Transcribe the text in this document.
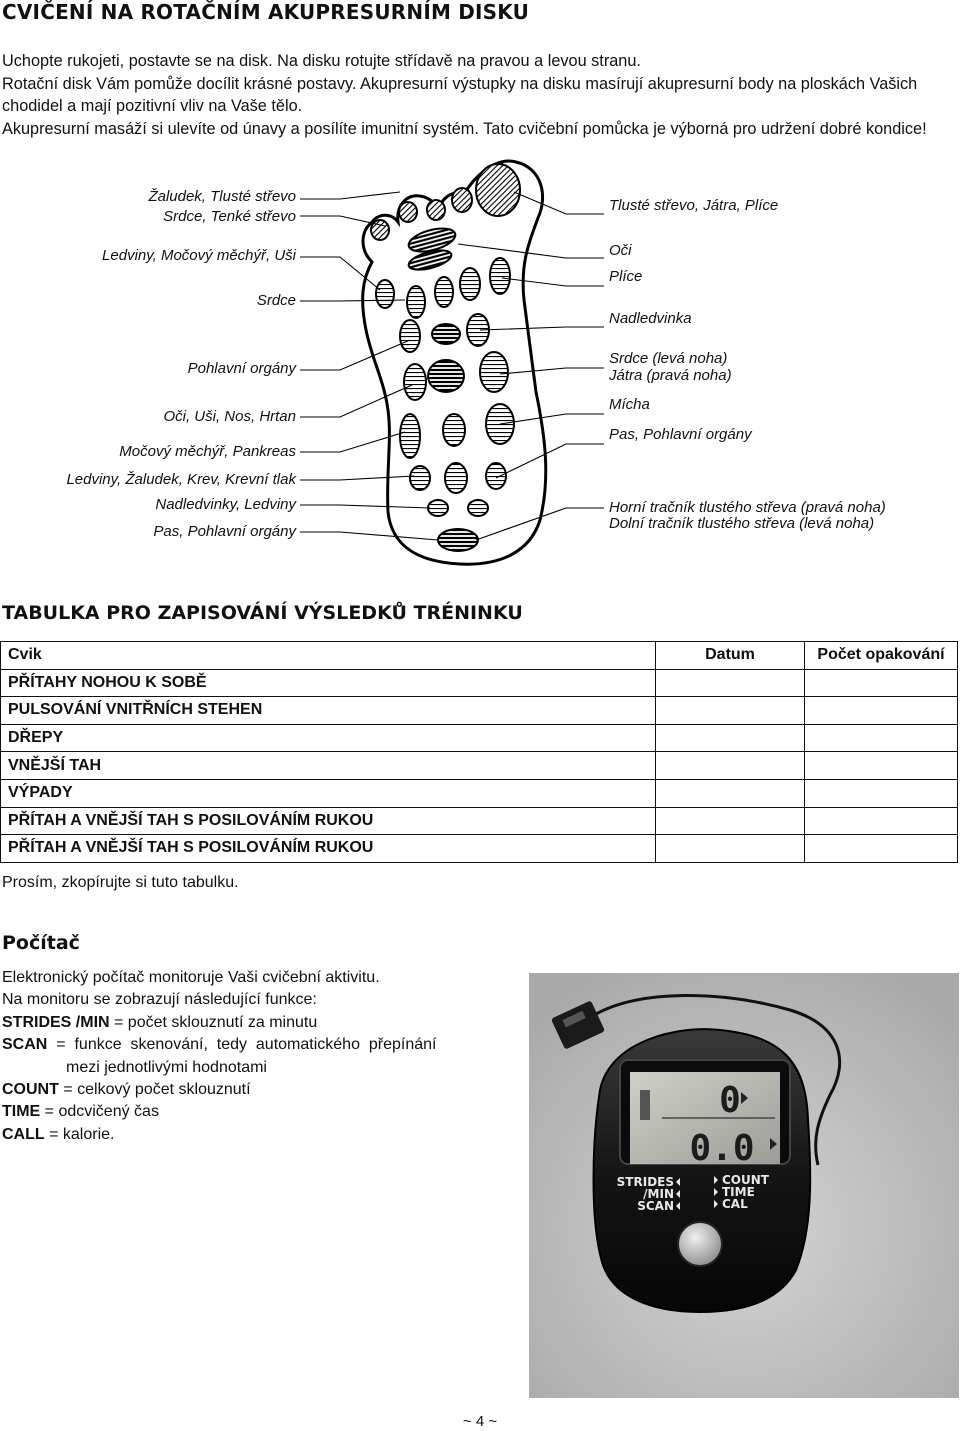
CVIČENÍ NA ROTAČNÍM AKUPRESURNÍM DISKU
Uchopte rukojeti, postavte se na disk. Na disku rotujte střídavě na pravou a levou stranu.
Rotační disk Vám pomůže docílit krásné postavy. Akupresurní výstupky na disku masírují akupresurní body na ploskách Vašich
chodidel a mají pozitivní vliv na Vaše tělo.
Akupresurní masáží si ulevíte od únavy a posílíte imunitní systém. Tato cvičební pomůcka je výborná pro udržení dobré kondice!
Žaludek, Tlusté střevo
Srdce, Tenké střevo
Ledviny, Močový měchýř, Uši
Srdce
Pohlavní orgány
Oči, Uši, Nos, Hrtan
Močový měchýř, Pankreas
Ledviny, Žaludek, Krev, Krevní tlak
Nadledvinky, Ledviny
Pas, Pohlavní orgány
Tlusté střevo, Játra, Plíce
Oči
Plíce
Nadledvinka
Srdce (levá noha)
Játra (pravá noha)
Mícha
Pas, Pohlavní orgány
Horní tračník tlustého střeva (pravá noha)
Dolní tračník tlustého střeva (levá noha)
TABULKA PRO ZAPISOVÁNÍ VÝSLEDKŮ TRÉNINKU
Cvik	Datum	Počet opakování
PŘÍTAHY NOHOU K SOBĚ		
PULSOVÁNÍ VNITŘNÍCH STEHEN		
DŘEPY		
VNĚJŠÍ TAH		
VÝPADY		
PŘÍTAH A VNĚJŠÍ TAH S POSILOVÁNÍM RUKOU		
PŘÍTAH A VNĚJŠÍ TAH S POSILOVÁNÍM RUKOU		
Prosím, zkopírujte si tuto tabulku.
Počítač
Elektronický počítač monitoruje Vaši cvičební aktivitu.
Na monitoru se zobrazují následující funkce:
STRIDES /MIN = počet sklouznutí za minutu
SCAN  =  funkce  skenování,  tedy  automatického  přepínání
mezi jednotlivými hodnotami
COUNT = celkový počet sklouznutí
TIME = odcvičený čas
CALL = kalorie.
0
0.0
STRIDES
/MIN
SCAN
COUNT
TIME
CAL
~ 4 ~
